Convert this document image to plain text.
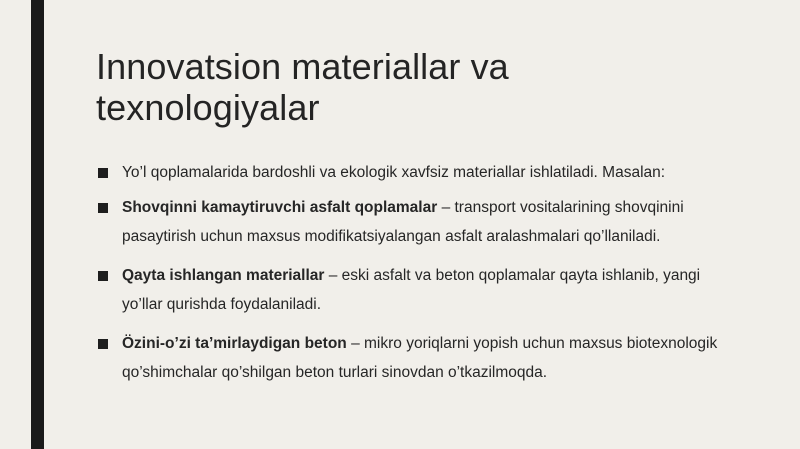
Innovatsion materiallar va texnologiyalar
Yo’l qoplamalarida bardoshli va ekologik xavfsiz materiallar ishlatiladi. Masalan:
Shovqinni kamaytiruvchi asfalt qoplamalar – transport vositalarining shovqinini pasaytirish uchun maxsus modifikatsiyalangan asfalt aralashmalari qo’llaniladi.
Qayta ishlangan materiallar – eski asfalt va beton qoplamalar qayta ishlanib, yangi yo’llar qurishda foydalaniladi.
Özini-o’zi ta’mirlaydigan beton – mikro yoriqlarni yopish uchun maxsus biotexnologik qo’shimchalar qo’shilgan beton turlari sinovdan o’tkazilmoqda.
